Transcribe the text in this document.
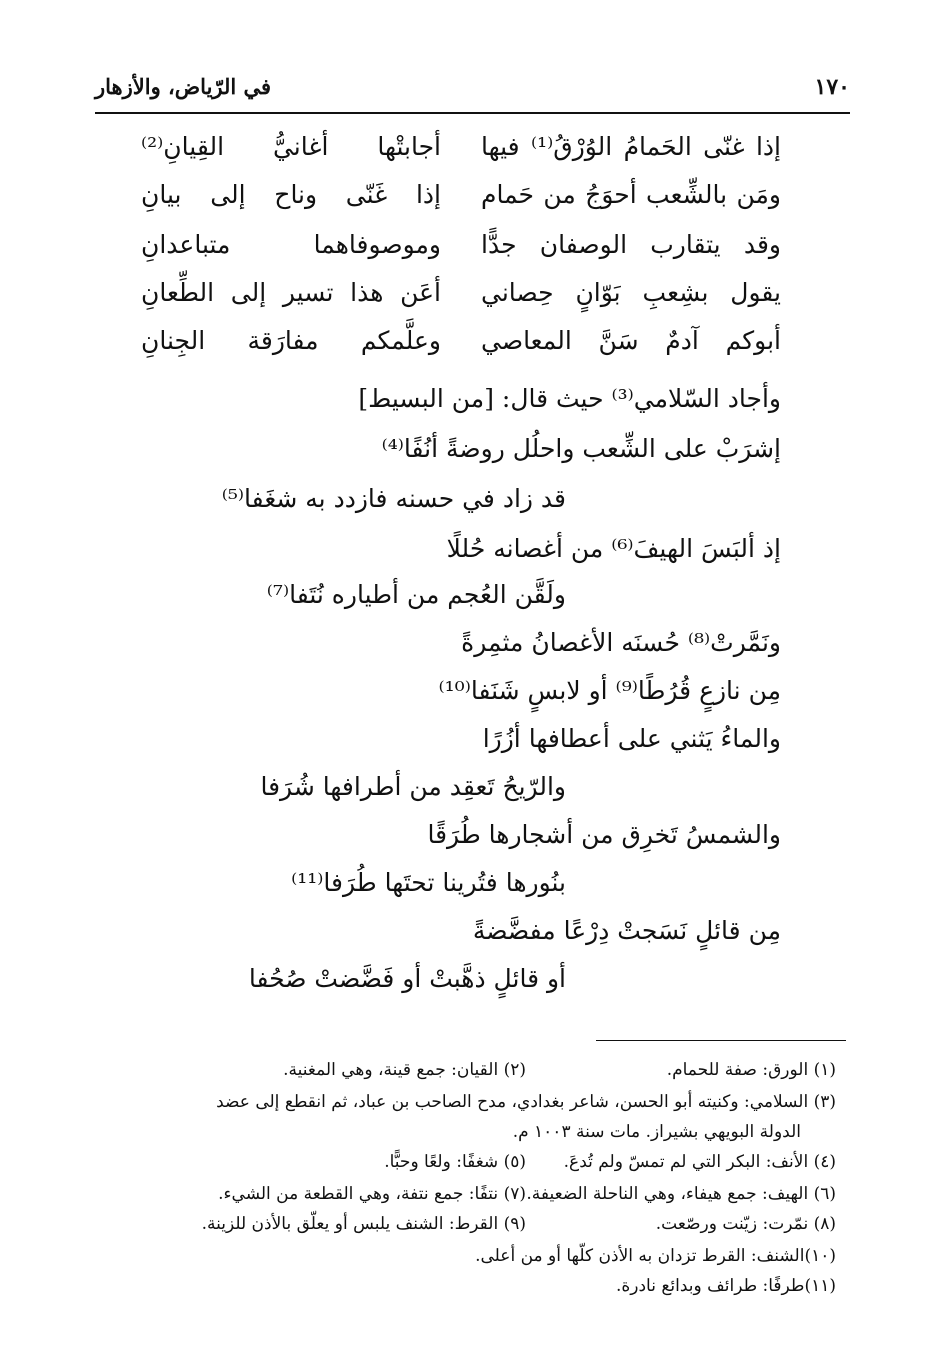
١٧٠
في الرّياض، والأزهار
إذا غنّى الحَمامُ الوُرْقُ⁽¹⁾ فيها
أجابتْها أغانيُّ القِيانِ⁽²⁾
ومَن بالشِّعب أحوَجُ من حَمام
إذا غَنّى وناح إلى بيانِ
وقد يتقارب الوصفان جدًّا
وموصوفاهما متباعدانِ
يقول بشِعبِ بَوّانٍ حِصاني
أعَن هذا تسير إلى الطِّعانِ
أبوكم آدمٌ سَنَّ المعاصي
وعلَّمكم مفارَقة الجِنانِ
وأجاد السّلامي⁽³⁾ حيث قال: [من البسيط]
إشرَبْ على الشِّعب واحلُل روضةً أنُفًا⁽⁴⁾
قد زاد في حسنه فازدد به شغَفا⁽⁵⁾
إذ ألبَسَ الهيفَ⁽⁶⁾ من أغصانه حُللًا
ولَقَّن العُجم من أطياره نُتَفا⁽⁷⁾
ونَمَّرتْ⁽⁸⁾ حُسنَه الأغصانُ مثمِرةً
مِن نازعٍ قُرُطًا⁽⁹⁾ أو لابسٍ شَنَفا⁽¹⁰⁾
والماءُ يَثني على أعطافها أزُرًا
والرّيحُ تَعقِد من أطرافها شُرَفا
والشمسُ تَخرِق من أشجارها طُرَقًا
بنُورها فتُرينا تحتَها طُرَفا⁽¹¹⁾
مِن قائلٍ نَسَجتْ دِرْعًا مفضَّضةً
أو قائلٍ ذهَّبتْ أو فَضَّضتْ صُحُفا
(١) الورق: صفة للحمام.
(٢) القيان: جمع قينة، وهي المغنية.
(٣) السلامي: وكنيته أبو الحسن، شاعر بغدادي، مدح الصاحب بن عباد، ثم انقطع إلى عضد
الدولة البويهي بشيراز. مات سنة ١٠٠٣ م.
(٤) الأنف: البكر التي لم تمسّ ولم تُدعَ.
(٥) شغفًا: ولعًا وحبًّا.
(٦) الهيف: جمع هيفاء، وهي الناحلة الضعيفة.
(٧) نتفًا: جمع نتفة، وهي القطعة من الشيء.
(٨) نمّرت: زيّنت ورصّعت.
(٩) القرط: الشنف يلبس أو يعلّق بالأذن للزينة.
(١٠)الشنف: القرط تزدان به الأذن كلّها أو من أعلى.
(١١)طرفًا: طرائف وبدائع نادرة.
